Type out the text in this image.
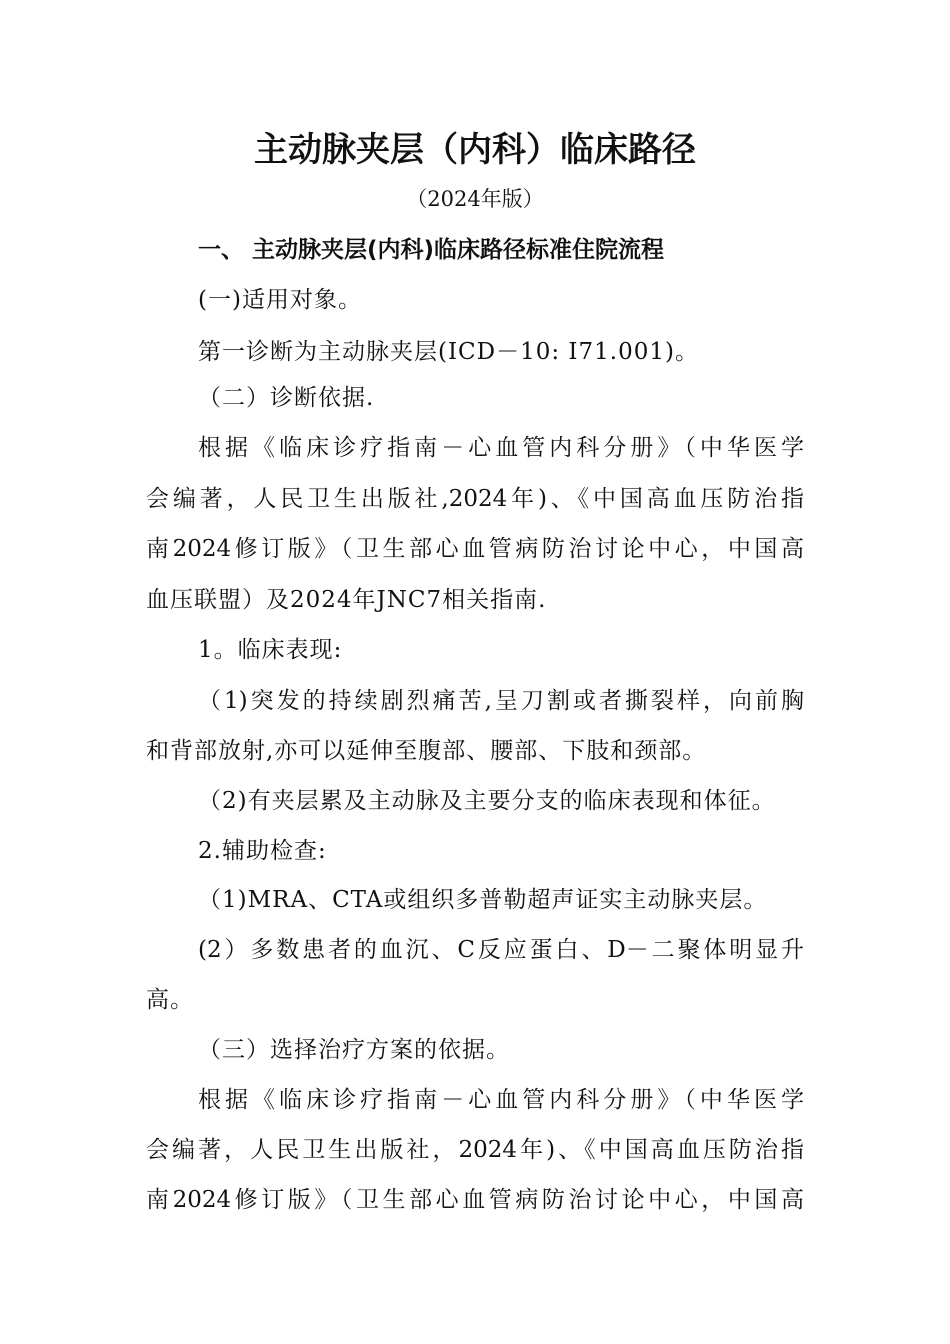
主动脉夹层（内科）临床路径

（2024年版）

一、 主动脉夹层(内科)临床路径标准住院流程

(一)适用对象。

第一诊断为主动脉夹层(ICD－10: I71.001)。

（二）诊断依据.

根据《临床诊疗指南－心血管内科分册》（中华医学

会编著，人民卫生出版社,2024年)、《中国高血压防治指

南2024修订版》（卫生部心血管病防治讨论中心，中国高

血压联盟）及2024年JNC7相关指南.

1。临床表现:

（1)突发的持续剧烈痛苦,呈刀割或者撕裂样，向前胸

和背部放射,亦可以延伸至腹部、腰部、下肢和颈部。

（2)有夹层累及主动脉及主要分支的临床表现和体征。

2.辅助检查:

（1)MRA、CTA或组织多普勒超声证实主动脉夹层。

(2）多数患者的血沉、C反应蛋白、D－二聚体明显升

高。

（三）选择治疗方案的依据。

根据《临床诊疗指南－心血管内科分册》（中华医学

会编著，人民卫生出版社，2024年)、《中国高血压防治指

南2024修订版》（卫生部心血管病防治讨论中心，中国高
